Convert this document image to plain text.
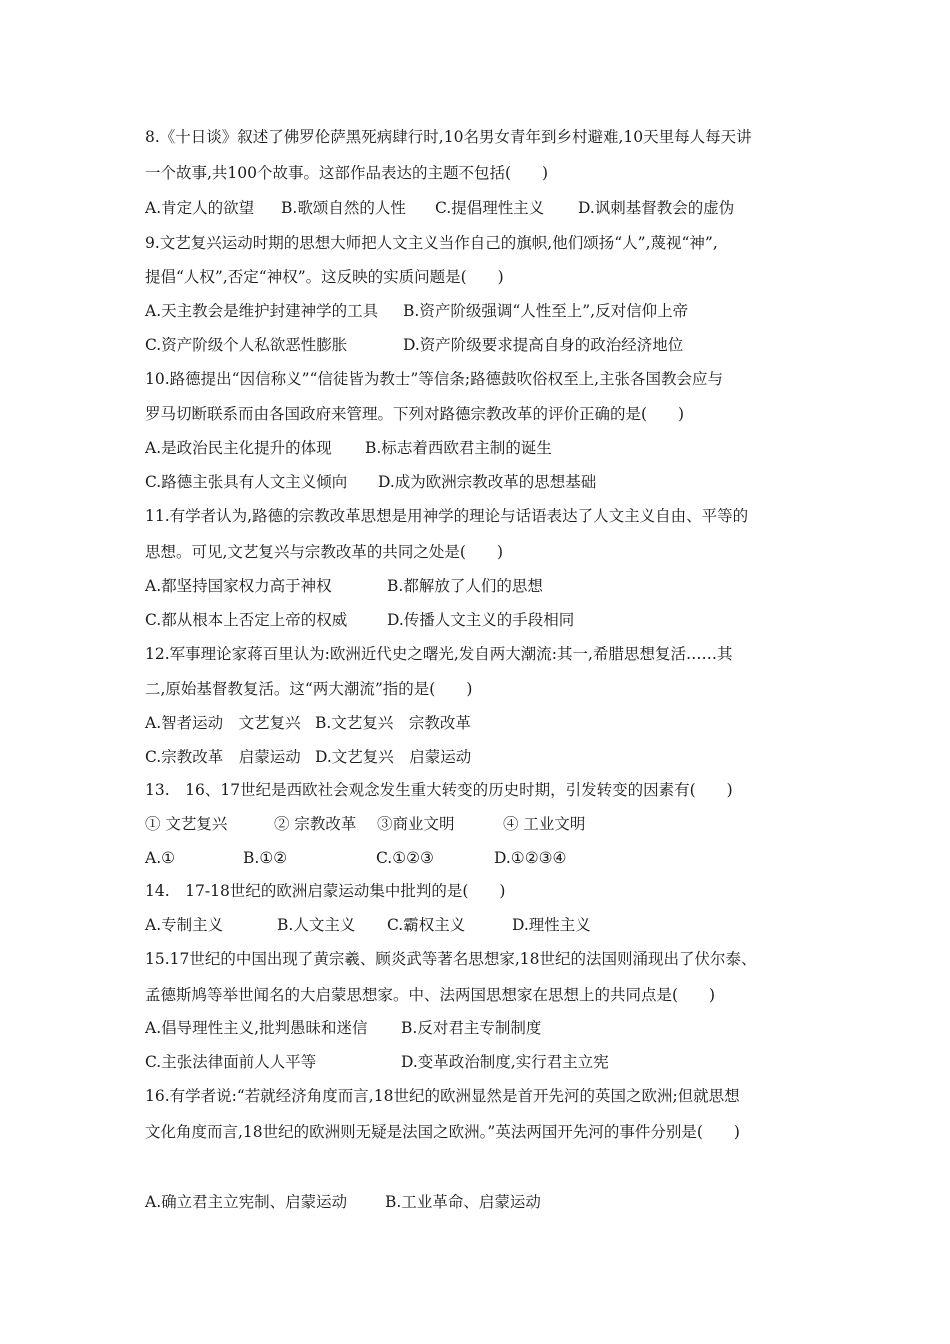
8.《十日谈》叙述了佛罗伦萨黑死病肆行时,10名男女青年到乡村避难,10天里每人每天讲
一个故事,共100个故事。这部作品表达的主题不包括(　　)
A.肯定人的欲望 B.歌颂自然的人性 C.提倡理性主义 D.讽刺基督教会的虚伪
9.文艺复兴运动时期的思想大师把人文主义当作自己的旗帜,他们颂扬“人”,蔑视“神”,
提倡“人权”,否定“神权”。这反映的实质问题是(　　)
A.天主教会是维护封建神学的工具 B.资产阶级强调“人性至上”,反对信仰上帝
C.资产阶级个人私欲恶性膨胀	D.资产阶级要求提高自身的政治经济地位
10.路德提出“因信称义”“信徒皆为教士”等信条;路德鼓吹俗权至上,主张各国教会应与
罗马切断联系而由各国政府来管理。下列对路德宗教改革的评价正确的是(　　)
A.是政治民主化提升的体现 B.标志着西欧君主制的诞生
C.路德主张具有人文主义倾向 D.成为欧洲宗教改革的思想基础
11.有学者认为,路德的宗教改革思想是用神学的理论与话语表达了人文主义自由、平等的
思想。可见,文艺复兴与宗教改革的共同之处是(　　)
A.都坚持国家权力高于神权	B.都解放了人们的思想
C.都从根本上否定上帝的权威	D.传播人文主义的手段相同
12.军事理论家蒋百里认为:欧洲近代史之曙光,发自两大潮流:其一,希腊思想复活……其
二,原始基督教复活。这“两大潮流”指的是(　　)
A.智者运动　文艺复兴 B.文艺复兴　宗教改革
C.宗教改革　启蒙运动 D.文艺复兴　启蒙运动
13.　16、17世纪是西欧社会观念发生重大转变的历史时期，引发转变的因素有(　　)
① 文艺复兴	② 宗教改革 ③商业文明	④ 工业文明
A.①	B.①②	C.①②③	D.①②③④
14.　17-18世纪的欧洲启蒙运动集中批判的是(　　)
A.专制主义	B.人文主义 C.霸权主义	D.理性主义
15.17世纪的中国出现了黄宗羲、顾炎武等著名思想家,18世纪的法国则涌现出了伏尔泰、
孟德斯鸠等举世闻名的大启蒙思想家。中、法两国思想家在思想上的共同点是(　　)
A.倡导理性主义,批判愚昧和迷信 B.反对君主专制制度
C.主张法律面前人人平等	D.变革政治制度,实行君主立宪
16.有学者说:“若就经济角度而言,18世纪的欧洲显然是首开先河的英国之欧洲;但就思想
文化角度而言,18世纪的欧洲则无疑是法国之欧洲。”英法两国开先河的事件分别是(　　)
A.确立君主立宪制、启蒙运动 B.工业革命、启蒙运动
